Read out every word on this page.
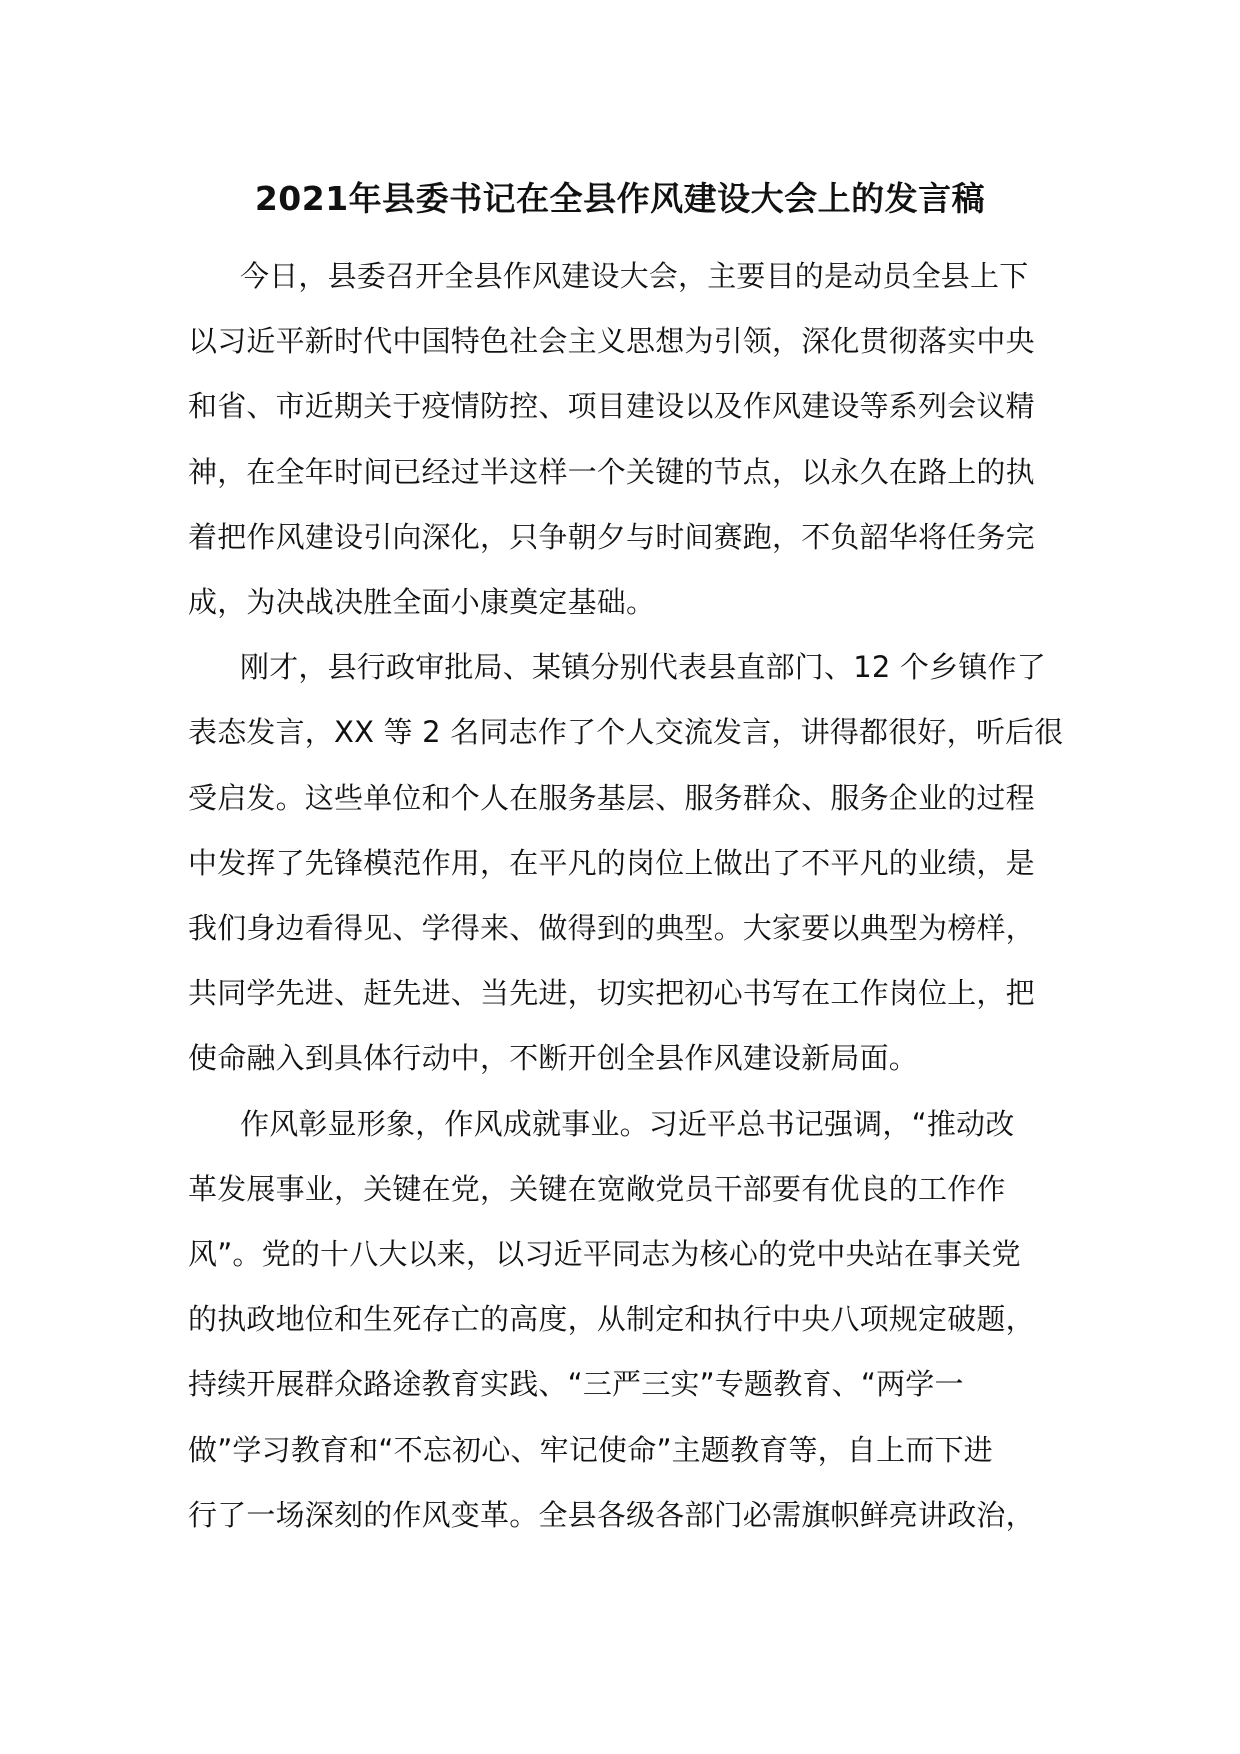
2021年县委书记在全县作风建设大会上的发言稿
今日，县委召开全县作风建设大会，主要目的是动员全县上下
以习近平新时代中国特色社会主义思想为引领，深化贯彻落实中央
和省、市近期关于疫情防控、项目建设以及作风建设等系列会议精
神，在全年时间已经过半这样一个关键的节点，以永久在路上的执
着把作风建设引向深化，只争朝夕与时间赛跑，不负韶华将任务完
成，为决战决胜全面小康奠定基础。
刚才，县行政审批局、某镇分别代表县直部门、12 个乡镇作了
表态发言，XX 等 2 名同志作了个人交流发言，讲得都很好，听后很
受启发。这些单位和个人在服务基层、服务群众、服务企业的过程
中发挥了先锋模范作用，在平凡的岗位上做出了不平凡的业绩，是
我们身边看得见、学得来、做得到的典型。大家要以典型为榜样，
共同学先进、赶先进、当先进，切实把初心书写在工作岗位上，把
使命融入到具体行动中，不断开创全县作风建设新局面。
作风彰显形象，作风成就事业。习近平总书记强调，“推动改
革发展事业，关键在党，关键在宽敞党员干部要有优良的工作作
风”。党的十八大以来，以习近平同志为核心的党中央站在事关党
的执政地位和生死存亡的高度，从制定和执行中央八项规定破题，
持续开展群众路途教育实践、“三严三实”专题教育、“两学一
做”学习教育和“不忘初心、牢记使命”主题教育等，自上而下进
行了一场深刻的作风变革。全县各级各部门必需旗帜鲜亮讲政治，
